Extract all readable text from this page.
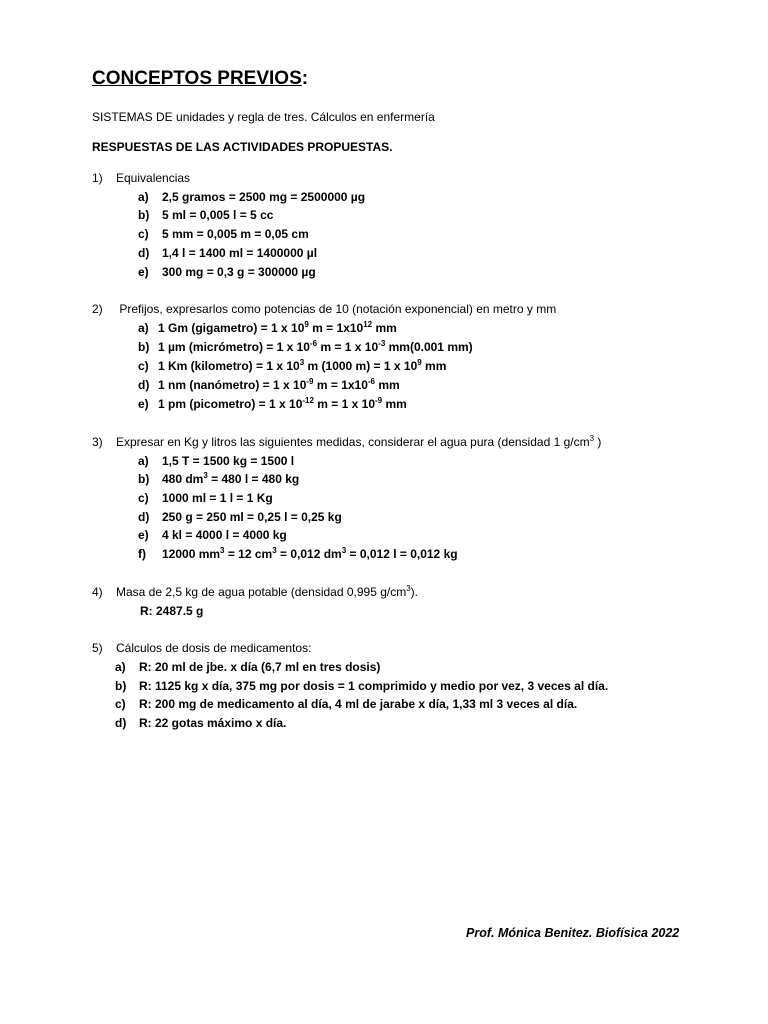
CONCEPTOS PREVIOS:
SISTEMAS DE unidades y regla de tres. Cálculos en enfermería
RESPUESTAS DE LAS ACTIVIDADES PROPUESTAS.
1) Equivalencias
a) 2,5 gramos = 2500 mg = 2500000 µg
b) 5 ml = 0,005 l = 5 cc
c) 5 mm = 0,005 m = 0,05 cm
d) 1,4 l = 1400 ml = 1400000 µl
e) 300 mg = 0,3 g = 300000 µg
2) Prefijos, expresarlos como potencias de 10 (notación exponencial) en metro y mm
a) 1 Gm (gigametro) = 1 x $10^9$ $m = 1x10^{12}$ mm
b) 1 µm (micrómetro) = 1 x $10^{-6}$ m = 1 x $10^{-3}$ mm(0.001 mm)
c) 1 Km (kilometro) = 1 x $10^3$ m (1000 m) = 1 x $10^9$ mm
d) 1 nm (nanómetro) = 1 x $10^{-9}$ $m = 1x10^{-6}$ mm
e) 1 pm (picometro) = 1 x $10^{-12}$ m = 1 x $10^{-9}$ mm
3) Expresar en Kg y litros las siguientes medidas, considerar el agua pura (densidad 1 $g/cm^3$ )
a) 1,5 T = 1500 kg = 1500 l
b) 480 $dm^3 = 480$ l = 480 kg
c) 1000 ml = 1 l = 1 Kg
d) 250 g = 250 ml = 0,25 l = 0,25 kg
e) 4 kl = 4000 l = 4000 kg
f) 12000 $mm^3 = 12$ $cm^3 = 0,012$ $dm^3 = 0,012$ l = 0,012 kg
4) Masa de 2,5 kg de agua potable (densidad 0,995 $g/cm^3$).
R: 2487.5 g
5) Cálculos de dosis de medicamentos:
a) R: 20 ml de jbe. x día (6,7 ml en tres dosis)
b) R: 1125 kg x día, 375 mg por dosis = 1 comprimido y medio por vez, 3 veces al día.
c) R: 200 mg de medicamento al día, 4 ml de jarabe x día, 1,33 ml 3 veces al día.
d) R: 22 gotas máximo x día.
Prof. Mónica Benitez. Biofísica 2022
